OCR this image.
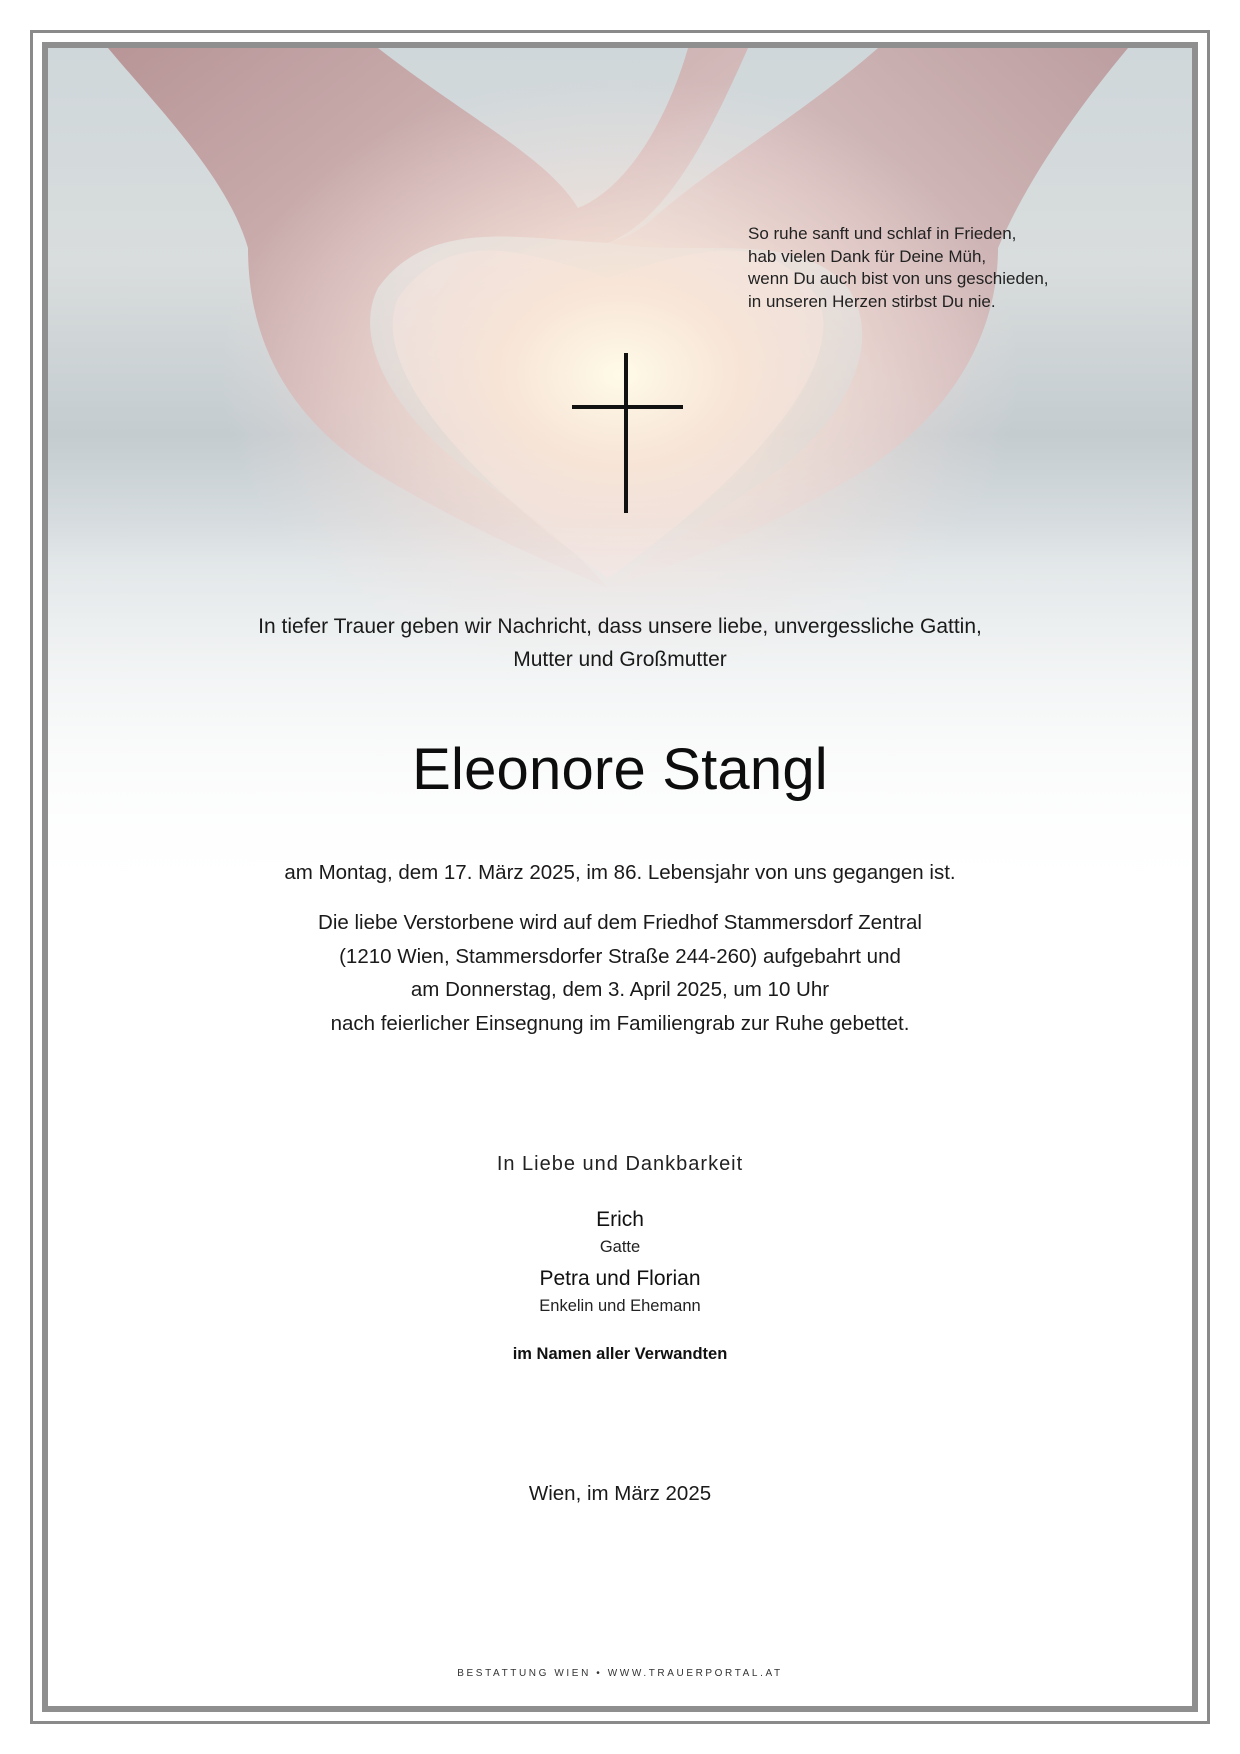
So ruhe sanft und schlaf in Frieden,
hab vielen Dank für Deine Müh,
wenn Du auch bist von uns geschieden,
in unseren Herzen stirbst Du nie.
In tiefer Trauer geben wir Nachricht, dass unsere liebe, unvergessliche Gattin,
Mutter und Großmutter
Eleonore Stangl
am Montag, dem 17. März 2025, im 86. Lebensjahr von uns gegangen ist.
Die liebe Verstorbene wird auf dem Friedhof Stammersdorf Zentral
(1210 Wien, Stammersdorfer Straße 244-260) aufgebahrt und
am Donnerstag, dem 3. April 2025, um 10 Uhr
nach feierlicher Einsegnung im Familiengrab zur Ruhe gebettet.
In Liebe und Dankbarkeit
Erich
Gatte
Petra und Florian
Enkelin und Ehemann
im Namen aller Verwandten
Wien, im März 2025
BESTATTUNG WIEN • WWW.TRAUERPORTAL.AT
